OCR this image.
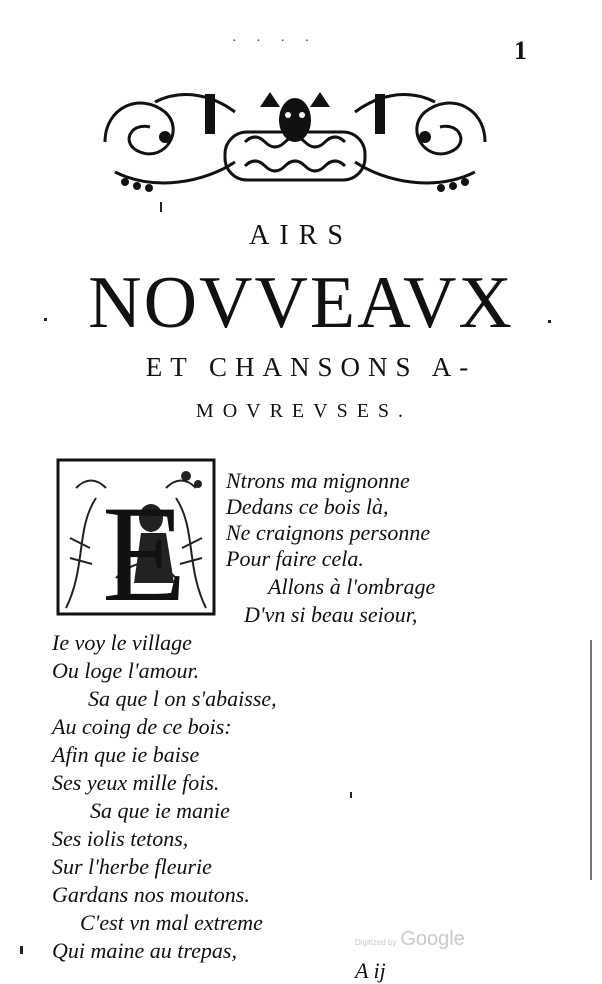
1
· · · ·
AIRS
NOVVEAVX
ET CHANSONS A-
MOVREVSES.
E Ntrons ma mignonne
Dedans ce bois là,
Ne craignons personne
Pour faire cela.
Allons à l'ombrage
D'vn si beau seiour,
Ie voy le village
Ou loge l'amour.
Sa que l on s'abaisse,
Au coing de ce bois:
Afin que ie baise
Ses yeux mille fois.
Sa que ie manie
Ses iolis tetons,
Sur l'herbe fleurie
Gardans nos moutons.
C'est vn mal extreme
Qui maine au trepas,	Digitized by Google
A ij
